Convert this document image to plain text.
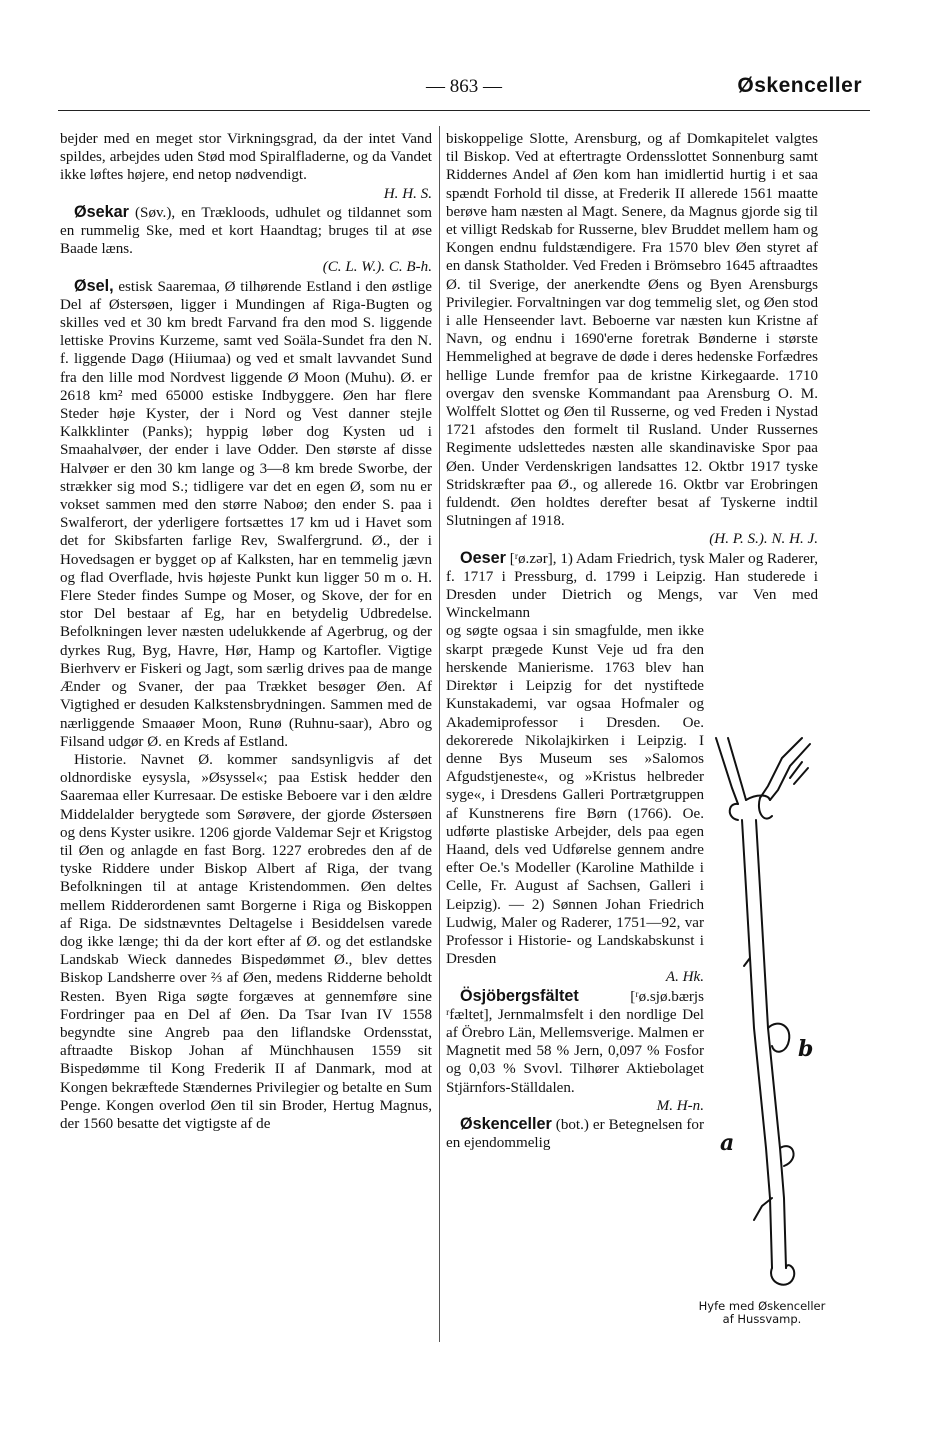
— 863 —	Øskenceller

bejder med en meget stor Virkningsgrad, da der intet Vand spildes, arbejdes uden Stød mod Spiralfladerne, og da Vandet ikke løftes højere, end netop nødvendigt.
H. H. S.

Øsekar (Søv.), en Trækloods, udhulet og tildannet som en rummelig Ske, med et kort Haandtag; bruges til at øse Baade læns.
(C. L. W.). C. B-h.

Øsel, estisk Saaremaa, Ø tilhørende Estland i den østlige Del af Østersøen, ligger i Mundingen af Riga-Bugten og skilles ved et 30 km bredt Farvand fra den mod S. liggende lettiske Provins Kurzeme, samt ved Soäla-Sundet fra den N. f. liggende Dagø (Hiiumaa) og ved et smalt lavvandet Sund fra den lille mod Nordvest liggende Ø Moon (Muhu). Ø. er 2618 km² med 65000 estiske Indbyggere. Øen har flere Steder høje Kyster, der i Nord og Vest danner stejle Kalkklinter (Panks); hyppig løber dog Kysten ud i Smaahalvøer, der ender i lave Odder. Den største af disse Halvøer er den 30 km lange og 3—8 km brede Sworbe, der strækker sig mod S.; tidligere var det en egen Ø, som nu er vokset sammen med den større Naboø; den ender S. paa i Swalferort, der yderligere fortsættes 17 km ud i Havet som det for Skibsfarten farlige Rev, Swalfergrund. Ø., der i Hovedsagen er bygget op af Kalksten, har en temmelig jævn og flad Overflade, hvis højeste Punkt kun ligger 50 m o. H. Flere Steder findes Sumpe og Moser, og Skove, der for en stor Del bestaar af Eg, har en betydelig Udbredelse. Befolkningen lever næsten udelukkende af Agerbrug, og der dyrkes Rug, Byg, Havre, Hør, Hamp og Kartofler. Vigtige Bierhverv er Fiskeri og Jagt, som særlig drives paa de mange Ænder og Svaner, der paa Trækket besøger Øen. Af Vigtighed er desuden Kalkstensbrydningen. Sammen med de nærliggende Smaaøer Moon, Runø (Ruhnu-saar), Abro og Filsand udgør Ø. en Kreds af Estland.

Historie. Navnet Ø. kommer sandsynligvis af det oldnordiske eysysla, »Øsyssel«; paa Estisk hedder den Saaremaa eller Kurresaar. De estiske Beboere var i den ældre Middelalder berygtede som Sørøvere, der gjorde Østersøen og dens Kyster usikre. 1206 gjorde Valdemar Sejr et Krigstog til Øen og anlagde en fast Borg. 1227 erobredes den af de tyske Riddere under Biskop Albert af Riga, der tvang Befolkningen til at antage Kristendommen. Øen deltes mellem Ridderordenen samt Borgerne i Riga og Biskoppen af Riga. De sidstnævntes Deltagelse i Besiddelsen varede dog ikke længe; thi da der kort efter af Ø. og det estlandske Landskab Wieck dannedes Bispedømmet Ø., blev dettes Biskop Landsherre over ⅔ af Øen, medens Ridderne beholdt Resten. Byen Riga søgte forgæves at gennemføre sine Fordringer paa en Del af Øen. Da Tsar Ivan IV 1558 begyndte sine Angreb paa den liflandske Ordensstat, aftraadte Biskop Johan af Münchhausen 1559 sit Bispedømme til Kong Frederik II af Danmark, mod at Kongen bekræftede Stændernes Privilegier og betalte en Sum Penge. Kongen overlod Øen til sin Broder, Hertug Magnus, der 1560 besatte det vigtigste af de

biskoppelige Slotte, Arensburg, og af Domkapitelet valgtes til Biskop. Ved at eftertragte Ordensslottet Sonnenburg samt Riddernes Andel af Øen kom han imidlertid hurtig i et saa spændt Forhold til disse, at Frederik II allerede 1561 maatte berøve ham næsten al Magt. Senere, da Magnus gjorde sig til et villigt Redskab for Russerne, blev Bruddet mellem ham og Kongen endnu fuldstændigere. Fra 1570 blev Øen styret af en dansk Statholder. Ved Freden i Brömsebro 1645 aftraadtes Ø. til Sverige, der anerkendte Øens og Byen Arensburgs Privilegier. Forvaltningen var dog temmelig slet, og Øen stod i alle Henseender lavt. Beboerne var næsten kun Kristne af Navn, og endnu i 1690'erne foretrak Bønderne i største Hemmelighed at begrave de døde i deres hedenske Forfædres hellige Lunde fremfor paa de kristne Kirkegaarde. 1710 overgav den svenske Kommandant paa Arensburg O. M. Wolffelt Slottet og Øen til Russerne, og ved Freden i Nystad 1721 afstodes den formelt til Rusland. Under Russernes Regimente udslettedes næsten alle skandinaviske Spor paa Øen. Under Verdenskrigen landsattes 12. Oktbr 1917 tyske Stridskræfter paa Ø., og allerede 16. Oktbr var Erobringen fuldendt. Øen holdtes derefter besat af Tyskerne indtil Slutningen af 1918.
(H. P. S.). N. H. J.

Oeser [ʳø.zər], 1) Adam Friedrich, tysk Maler og Raderer, f. 1717 i Pressburg, d. 1799 i Leipzig. Han studerede i Dresden under Dietrich og Mengs, var Ven med Winckelmann

og søgte ogsaa i sin smagfulde, men ikke skarpt prægede Kunst Veje ud fra den herskende Manierisme. 1763 blev han Direktør i Leipzig for det nystiftede Kunstakademi, var ogsaa Hofmaler og Akademiprofessor i Dresden. Oe. dekorerede Nikolajkirken i Leipzig. I denne Bys Museum ses »Salomos Afgudstjeneste«, og »Kristus helbreder syge«, i Dresdens Galleri Portrætgruppen af Kunstnerens fire Børn (1766). Oe. udførte plastiske Arbejder, dels paa egen Haand, dels ved Udførelse gennem andre efter Oe.'s Modeller (Karoline Mathilde i Celle, Fr. August af Sachsen, Galleri i Leipzig). — 2) Sønnen Johan Friedrich Ludwig, Maler og Raderer, 1751—92, var Professor i Historie- og Landskabskunst i Dresden
A. Hk.

Ösjöbergsfältet [ʳø.sjø.bærjs ʳfæltet], Jernmalmsfelt i den nordlige Del af Örebro Län, Mellemsverige. Malmen er Magnetit med 58 % Jern, 0,097 % Fosfor og 0,03 % Svovl. Tilhører Aktiebolaget Stjärnfors-Ställdalen.
M. H-n.

Øskenceller (bot.) er Betegnelsen for en ejendommelig

b
a
Hyfe med Øskenceller af Hussvamp.
